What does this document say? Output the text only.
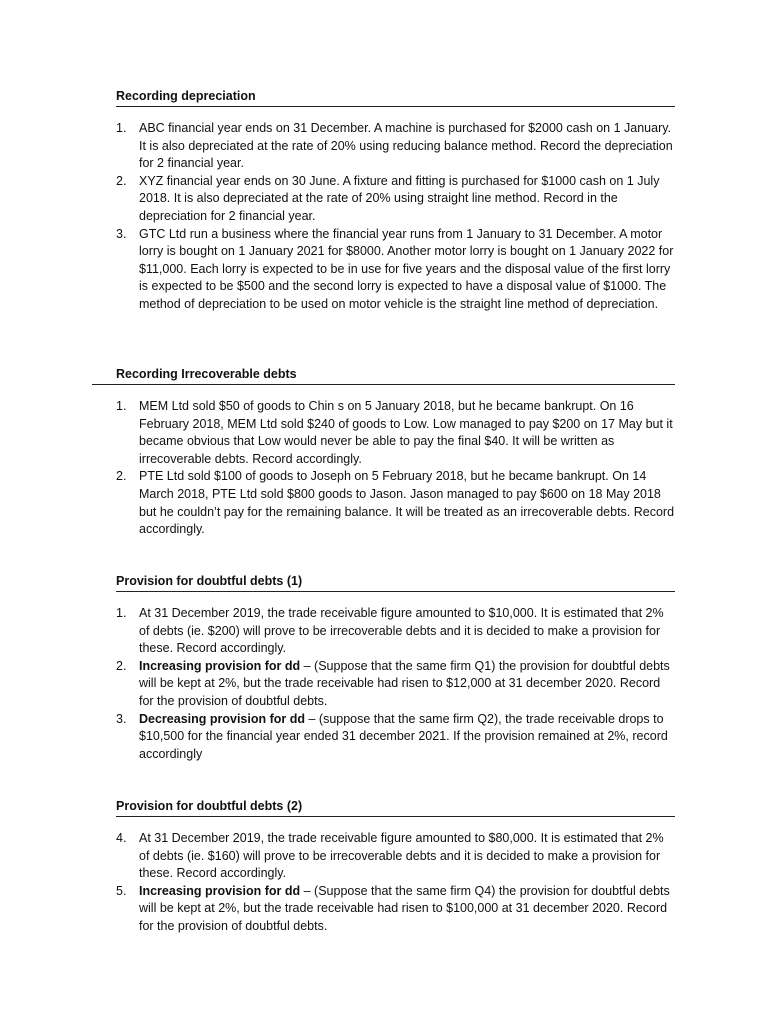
Recording depreciation
1. ABC financial year ends on 31 December. A machine is purchased for $2000 cash on 1 January. It is also depreciated at the rate of 20% using reducing balance method. Record the depreciation for 2 financial year.
2. XYZ financial year ends on 30 June. A fixture and fitting is purchased for $1000 cash on 1 July 2018. It is also depreciated at the rate of 20% using straight line method. Record in the depreciation for 2 financial year.
3. GTC Ltd run a business where the financial year runs from 1 January to 31 December. A motor lorry is bought on 1 January 2021 for $8000. Another motor lorry is bought on 1 January 2022 for $11,000. Each lorry is expected to be in use for five years and the disposal value of the first lorry is expected to be $500 and the second lorry is expected to have a disposal value of $1000. The method of depreciation to be used on motor vehicle is the straight line method of depreciation.
Recording Irrecoverable debts
1. MEM Ltd sold $50 of goods to Chin s on 5 January 2018, but he became bankrupt. On 16 February 2018, MEM Ltd sold $240 of goods to Low. Low managed to pay $200 on 17 May but it became obvious that Low would never be able to pay the final $40. It will be written as irrecoverable debts. Record accordingly.
2. PTE Ltd sold $100 of goods to Joseph on 5 February 2018, but he became bankrupt. On 14 March 2018, PTE Ltd sold $800 goods to Jason. Jason managed to pay $600 on 18 May 2018 but he couldn’t pay for the remaining balance. It will be treated as an irrecoverable debts. Record accordingly.
Provision for doubtful debts (1)
1. At 31 December 2019, the trade receivable figure amounted to $10,000. It is estimated that 2% of debts (ie. $200) will prove to be irrecoverable debts and it is decided to make a provision for these. Record accordingly.
2. Increasing provision for dd – (Suppose that the same firm Q1) the provision for doubtful debts will be kept at 2%, but the trade receivable had risen to $12,000 at 31 december 2020. Record for the provision of doubtful debts.
3. Decreasing provision for dd – (suppose that the same firm Q2), the trade receivable drops to $10,500 for the financial year ended 31 december 2021. If the provision remained at 2%, record accordingly
Provision for doubtful debts (2)
4. At 31 December 2019, the trade receivable figure amounted to $80,000. It is estimated that 2% of debts (ie. $160) will prove to be irrecoverable debts and it is decided to make a provision for these. Record accordingly.
5. Increasing provision for dd – (Suppose that the same firm Q4) the provision for doubtful debts will be kept at 2%, but the trade receivable had risen to $100,000 at 31 december 2020. Record for the provision of doubtful debts.
